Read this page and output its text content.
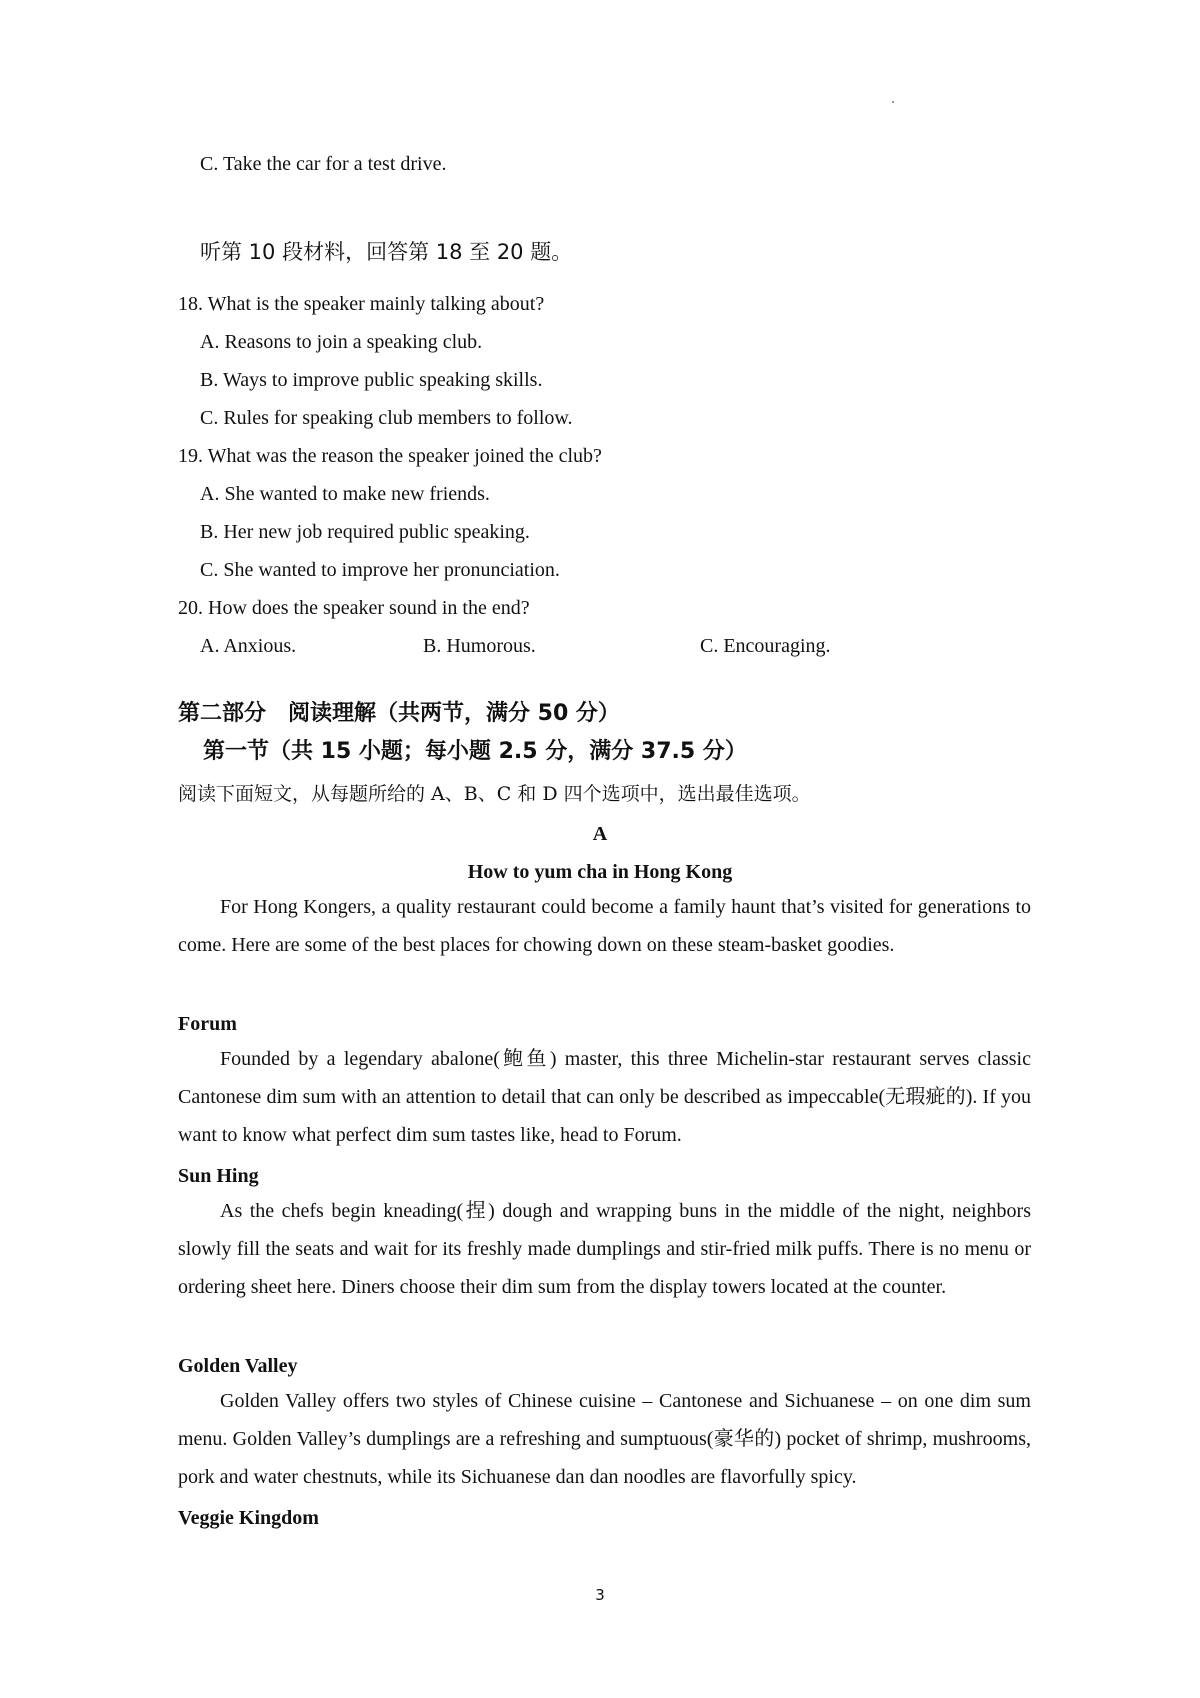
C. Take the car for a test drive.
听第 10 段材料，回答第 18 至 20 题。
18. What is the speaker mainly talking about?
A. Reasons to join a speaking club.
B. Ways to improve public speaking skills.
C. Rules for speaking club members to follow.
19. What was the reason the speaker joined the club?
A. She wanted to make new friends.
B. Her new job required public speaking.
C. She wanted to improve her pronunciation.
20. How does the speaker sound in the end?
A. Anxious.	B. Humorous.	C. Encouraging.
第二部分　阅读理解（共两节，满分 50 分）
第一节（共 15 小题；每小题 2.5 分，满分 37.5 分）
阅读下面短文，从每题所给的 A、B、C 和 D 四个选项中，选出最佳选项。
A
How to yum cha in Hong Kong
For Hong Kongers, a quality restaurant could become a family haunt that’s visited for generations to come. Here are some of the best places for chowing down on these steam-basket goodies.
Forum
Founded by a legendary abalone(鲍鱼) master, this three Michelin-star restaurant serves classic Cantonese dim sum with an attention to detail that can only be described as impeccable(无瑕疵的). If you want to know what perfect dim sum tastes like, head to Forum.
Sun Hing
As the chefs begin kneading(捏) dough and wrapping buns in the middle of the night, neighbors slowly fill the seats and wait for its freshly made dumplings and stir-fried milk puffs. There is no menu or ordering sheet here. Diners choose their dim sum from the display towers located at the counter.
Golden Valley
Golden Valley offers two styles of Chinese cuisine – Cantonese and Sichuanese – on one dim sum menu. Golden Valley’s dumplings are a refreshing and sumptuous(豪华的) pocket of shrimp, mushrooms, pork and water chestnuts, while its Sichuanese dan dan noodles are flavorfully spicy.
Veggie Kingdom
3
